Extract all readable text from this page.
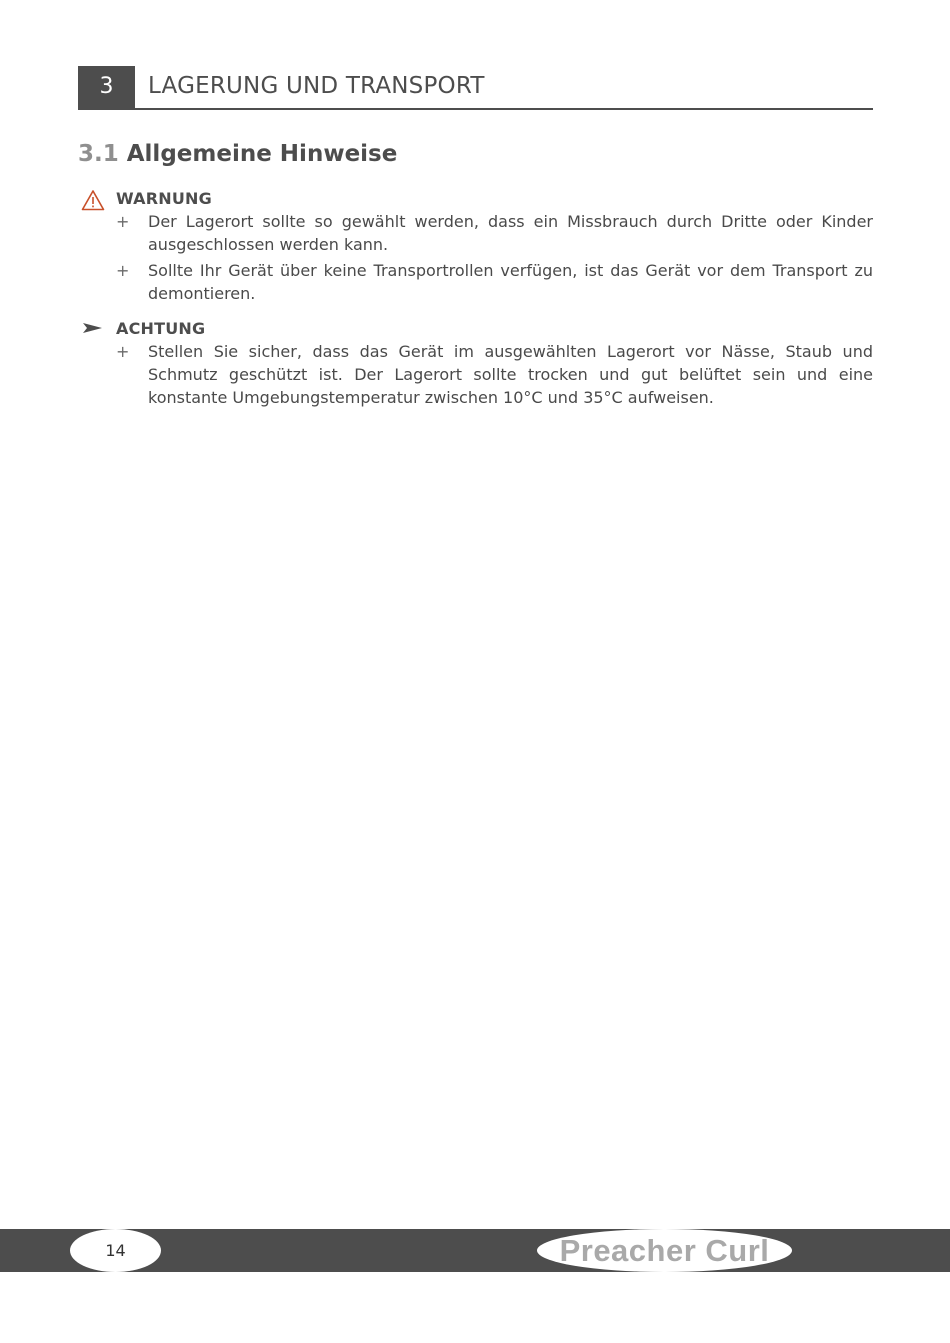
3	LAGERUNG UND TRANSPORT
3.1 Allgemeine Hinweise
WARNUNG
+ Der Lagerort sollte so gewählt werden, dass ein Missbrauch durch Dritte oder Kinder ausgeschlossen werden kann.
+ Sollte Ihr Gerät über keine Transportrollen verfügen, ist das Gerät vor dem Transport zu demontieren.
ACHTUNG
+ Stellen Sie sicher, dass das Gerät im ausgewählten Lagerort vor Nässe, Staub und Schmutz geschützt ist. Der Lagerort sollte trocken und gut belüftet sein und eine konstante Umgebungstemperatur zwischen 10°C und 35°C aufweisen.
14	Preacher Curl
